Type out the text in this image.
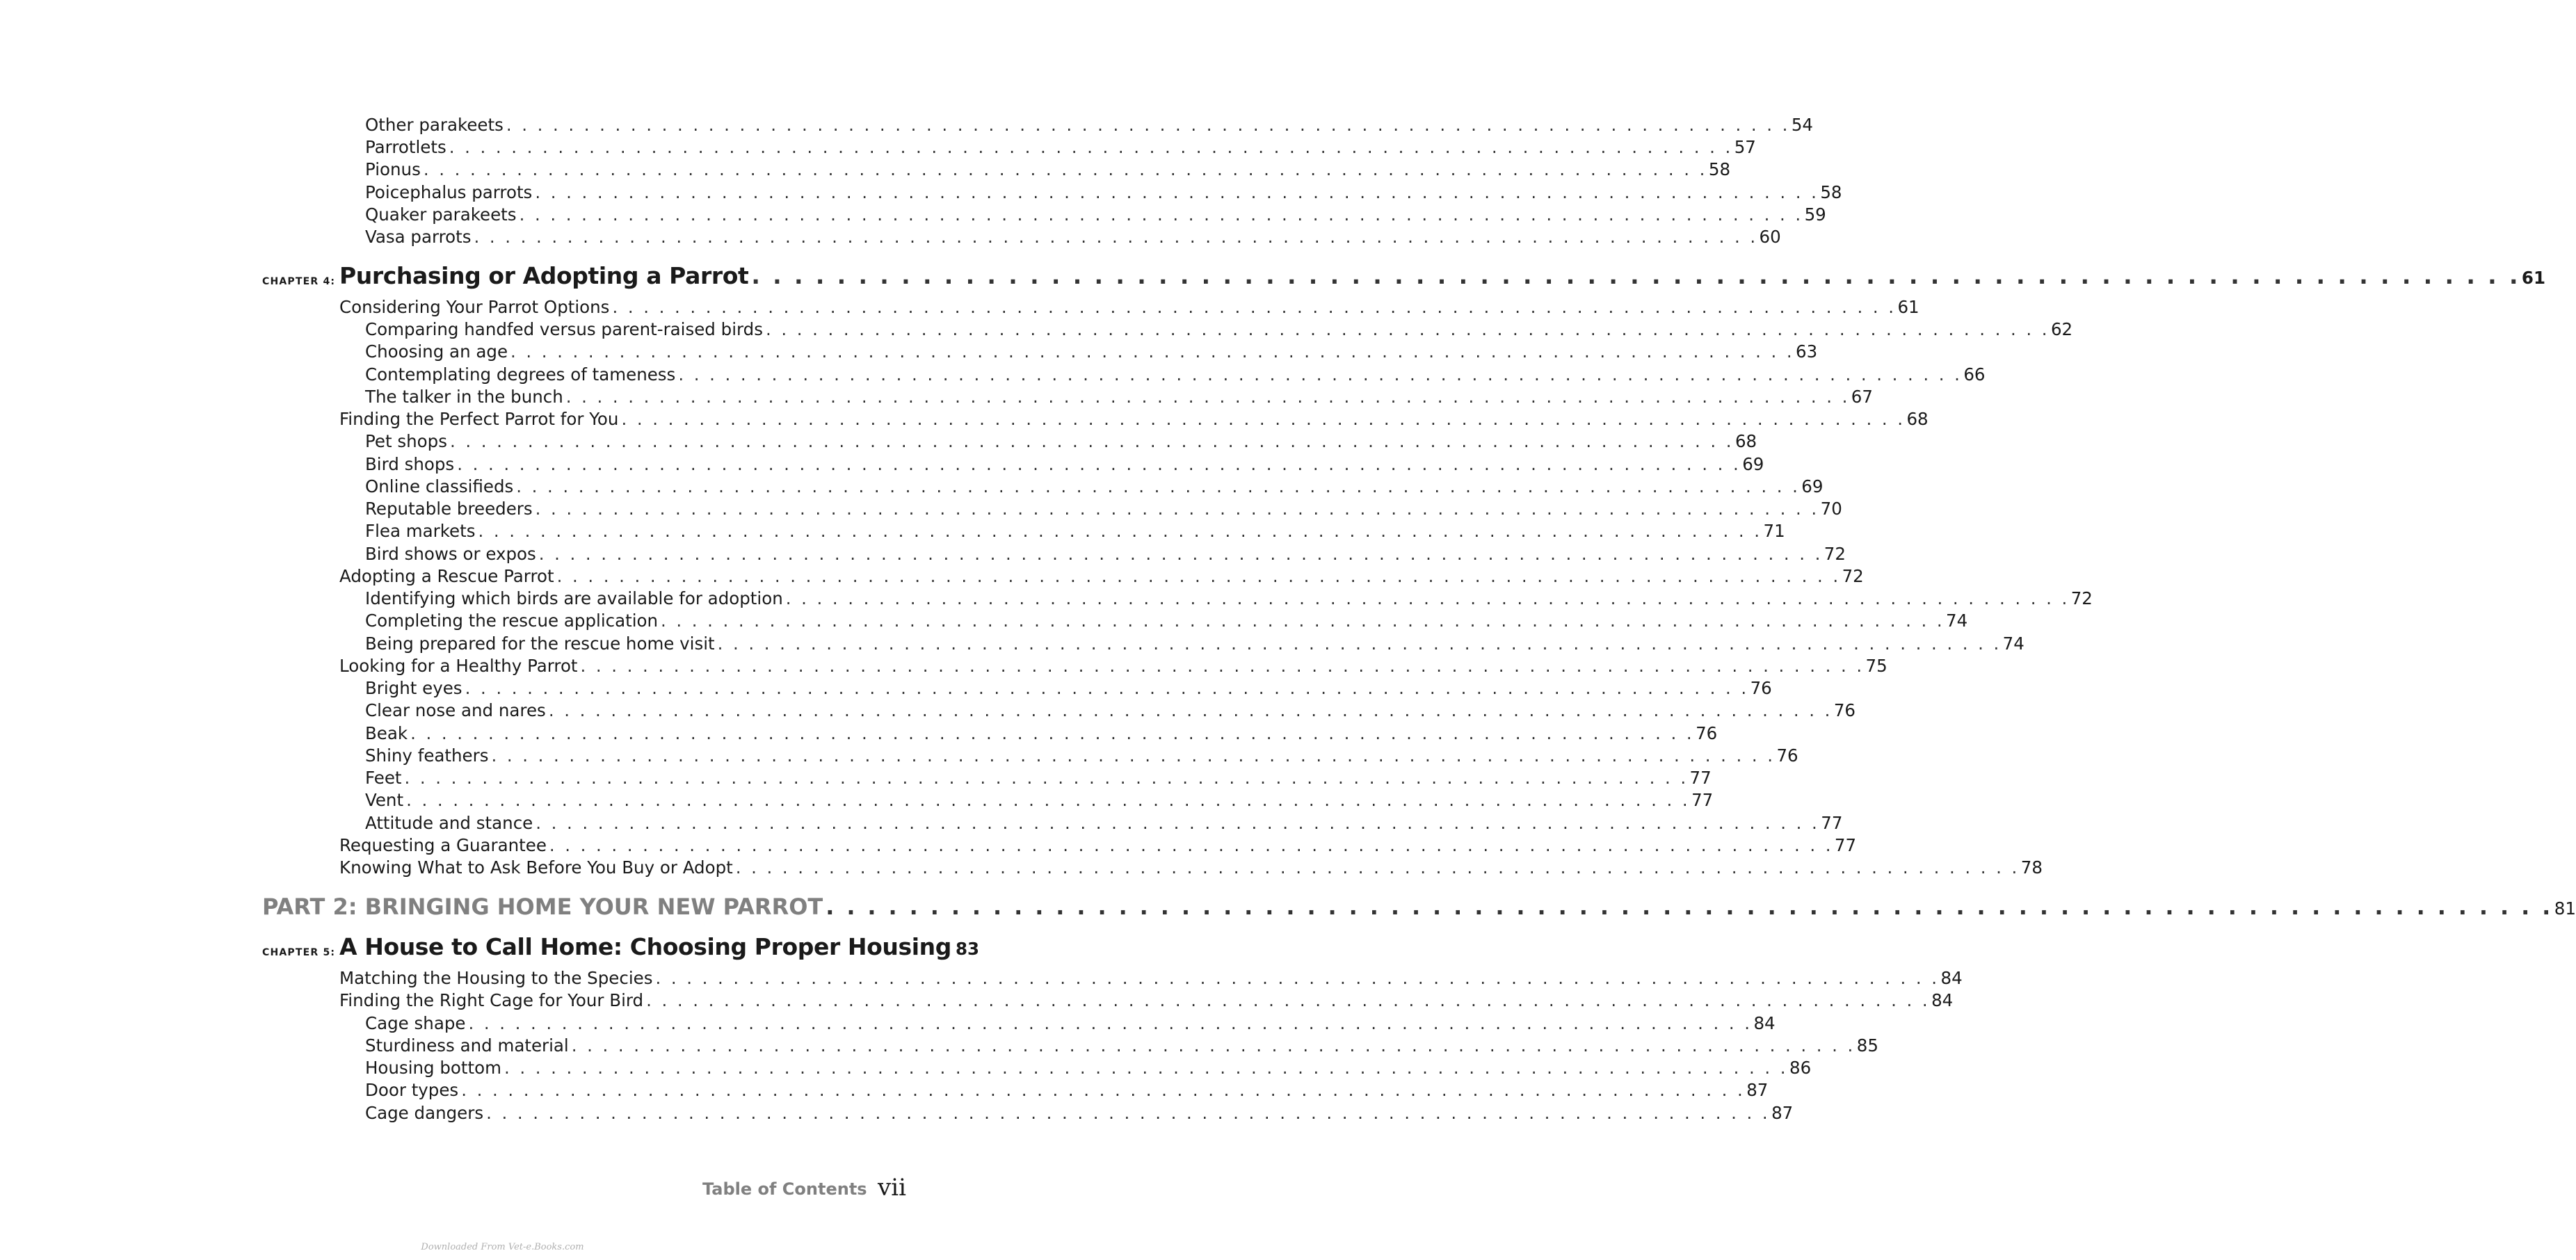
Other parakeets . . . . . . . . . . . . . . . . . . . . . . . . . . . . . . . . . . . . . . . . . . . . . . . . . . . . . . . . . . . . . . . . . . . . . . . . . . . . . . . . . . . 54
Parrotlets . . . . . . . . . . . . . . . . . . . . . . . . . . . . . . . . . . . . . . . . . . . . . . . . . . . . . . . . . . . . . . . . . . . . . . . . . . . . . . . . . . . 57
Pionus . . . . . . . . . . . . . . . . . . . . . . . . . . . . . . . . . . . . . . . . . . . . . . . . . . . . . . . . . . . . . . . . . . . . . . . . . . . . . . . . . . . 58
Poicephalus parrots . . . . . . . . . . . . . . . . . . . . . . . . . . . . . . . . . . . . . . . . . . . . . . . . . . . . . . . . . . . . . . . . . . . . . . . . . . . . . . . . . . . 58
Quaker parakeets . . . . . . . . . . . . . . . . . . . . . . . . . . . . . . . . . . . . . . . . . . . . . . . . . . . . . . . . . . . . . . . . . . . . . . . . . . . . . . . . . . . 59
Vasa parrots . . . . . . . . . . . . . . . . . . . . . . . . . . . . . . . . . . . . . . . . . . . . . . . . . . . . . . . . . . . . . . . . . . . . . . . . . . . . . . . . . . . 60
Purchasing or Adopting a Parrot . . . . . . . . . . . . . . . . . . . . . . . . . . . . . . . . . . . . . . . . . . . . . . . . . . . . . . . . . . . . . . . . . . . . . . . . . . . . . . . . . . . 61
CHAPTER 4:
Considering Your Parrot Options . . . . . . . . . . . . . . . . . . . . . . . . . . . . . . . . . . . . . . . . . . . . . . . . . . . . . . . . . . . . . . . . . . . . . . . . . . . . . . . . . . . 61
Comparing handfed versus parent-raised birds . . . . . . . . . . . . . . . . . . . . . . . . . . . . . . . . . . . . . . . . . . . . . . . . . . . . . . . . . . . . . . . . . . . . . . . . . . . . . . . . . . . 62
Choosing an age . . . . . . . . . . . . . . . . . . . . . . . . . . . . . . . . . . . . . . . . . . . . . . . . . . . . . . . . . . . . . . . . . . . . . . . . . . . . . . . . . . . 63
Contemplating degrees of tameness . . . . . . . . . . . . . . . . . . . . . . . . . . . . . . . . . . . . . . . . . . . . . . . . . . . . . . . . . . . . . . . . . . . . . . . . . . . . . . . . . . . 66
The talker in the bunch . . . . . . . . . . . . . . . . . . . . . . . . . . . . . . . . . . . . . . . . . . . . . . . . . . . . . . . . . . . . . . . . . . . . . . . . . . . . . . . . . . . 67
Finding the Perfect Parrot for You . . . . . . . . . . . . . . . . . . . . . . . . . . . . . . . . . . . . . . . . . . . . . . . . . . . . . . . . . . . . . . . . . . . . . . . . . . . . . . . . . . . 68
Pet shops . . . . . . . . . . . . . . . . . . . . . . . . . . . . . . . . . . . . . . . . . . . . . . . . . . . . . . . . . . . . . . . . . . . . . . . . . . . . . . . . . . . 68
Bird shops . . . . . . . . . . . . . . . . . . . . . . . . . . . . . . . . . . . . . . . . . . . . . . . . . . . . . . . . . . . . . . . . . . . . . . . . . . . . . . . . . . . 69
Online classifieds . . . . . . . . . . . . . . . . . . . . . . . . . . . . . . . . . . . . . . . . . . . . . . . . . . . . . . . . . . . . . . . . . . . . . . . . . . . . . . . . . . . 69
Reputable breeders . . . . . . . . . . . . . . . . . . . . . . . . . . . . . . . . . . . . . . . . . . . . . . . . . . . . . . . . . . . . . . . . . . . . . . . . . . . . . . . . . . . 70
Flea markets . . . . . . . . . . . . . . . . . . . . . . . . . . . . . . . . . . . . . . . . . . . . . . . . . . . . . . . . . . . . . . . . . . . . . . . . . . . . . . . . . . . 71
Bird shows or expos . . . . . . . . . . . . . . . . . . . . . . . . . . . . . . . . . . . . . . . . . . . . . . . . . . . . . . . . . . . . . . . . . . . . . . . . . . . . . . . . . . . 72
Adopting a Rescue Parrot . . . . . . . . . . . . . . . . . . . . . . . . . . . . . . . . . . . . . . . . . . . . . . . . . . . . . . . . . . . . . . . . . . . . . . . . . . . . . . . . . . . 72
Identifying which birds are available for adoption . . . . . . . . . . . . . . . . . . . . . . . . . . . . . . . . . . . . . . . . . . . . . . . . . . . . . . . . . . . . . . . . . . . . . . . . . . . . . . . . . . . 72
Completing the rescue application . . . . . . . . . . . . . . . . . . . . . . . . . . . . . . . . . . . . . . . . . . . . . . . . . . . . . . . . . . . . . . . . . . . . . . . . . . . . . . . . . . . 74
Being prepared for the rescue home visit . . . . . . . . . . . . . . . . . . . . . . . . . . . . . . . . . . . . . . . . . . . . . . . . . . . . . . . . . . . . . . . . . . . . . . . . . . . . . . . . . . . 74
Looking for a Healthy Parrot . . . . . . . . . . . . . . . . . . . . . . . . . . . . . . . . . . . . . . . . . . . . . . . . . . . . . . . . . . . . . . . . . . . . . . . . . . . . . . . . . . . 75
Bright eyes . . . . . . . . . . . . . . . . . . . . . . . . . . . . . . . . . . . . . . . . . . . . . . . . . . . . . . . . . . . . . . . . . . . . . . . . . . . . . . . . . . . 76
Clear nose and nares . . . . . . . . . . . . . . . . . . . . . . . . . . . . . . . . . . . . . . . . . . . . . . . . . . . . . . . . . . . . . . . . . . . . . . . . . . . . . . . . . . . 76
Beak . . . . . . . . . . . . . . . . . . . . . . . . . . . . . . . . . . . . . . . . . . . . . . . . . . . . . . . . . . . . . . . . . . . . . . . . . . . . . . . . . . . 76
Shiny feathers . . . . . . . . . . . . . . . . . . . . . . . . . . . . . . . . . . . . . . . . . . . . . . . . . . . . . . . . . . . . . . . . . . . . . . . . . . . . . . . . . . . 76
Feet . . . . . . . . . . . . . . . . . . . . . . . . . . . . . . . . . . . . . . . . . . . . . . . . . . . . . . . . . . . . . . . . . . . . . . . . . . . . . . . . . . . 77
Vent . . . . . . . . . . . . . . . . . . . . . . . . . . . . . . . . . . . . . . . . . . . . . . . . . . . . . . . . . . . . . . . . . . . . . . . . . . . . . . . . . . . 77
Attitude and stance . . . . . . . . . . . . . . . . . . . . . . . . . . . . . . . . . . . . . . . . . . . . . . . . . . . . . . . . . . . . . . . . . . . . . . . . . . . . . . . . . . . 77
Requesting a Guarantee . . . . . . . . . . . . . . . . . . . . . . . . . . . . . . . . . . . . . . . . . . . . . . . . . . . . . . . . . . . . . . . . . . . . . . . . . . . . . . . . . . . 77
Knowing What to Ask Before You Buy or Adopt . . . . . . . . . . . . . . . . . . . . . . . . . . . . . . . . . . . . . . . . . . . . . . . . . . . . . . . . . . . . . . . . . . . . . . . . . . . . . . . . . . . 78
PART 2: BRINGING HOME YOUR NEW PARROT . . . . . . . . . . . . . . . . . . . . . . . . . . . . . . . . . . . . . . . . . . . . . . . . . . . . . . . . . . . . . . . . . . . . . . . . . . . . . . . . . . . 81
A House to Call Home: Choosing Proper Housing 83
CHAPTER 5:
Matching the Housing to the Species . . . . . . . . . . . . . . . . . . . . . . . . . . . . . . . . . . . . . . . . . . . . . . . . . . . . . . . . . . . . . . . . . . . . . . . . . . . . . . . . . . . 84
Finding the Right Cage for Your Bird . . . . . . . . . . . . . . . . . . . . . . . . . . . . . . . . . . . . . . . . . . . . . . . . . . . . . . . . . . . . . . . . . . . . . . . . . . . . . . . . . . . 84
Cage shape . . . . . . . . . . . . . . . . . . . . . . . . . . . . . . . . . . . . . . . . . . . . . . . . . . . . . . . . . . . . . . . . . . . . . . . . . . . . . . . . . . . 84
Sturdiness and material . . . . . . . . . . . . . . . . . . . . . . . . . . . . . . . . . . . . . . . . . . . . . . . . . . . . . . . . . . . . . . . . . . . . . . . . . . . . . . . . . . . 85
Housing bottom . . . . . . . . . . . . . . . . . . . . . . . . . . . . . . . . . . . . . . . . . . . . . . . . . . . . . . . . . . . . . . . . . . . . . . . . . . . . . . . . . . . 86
Door types . . . . . . . . . . . . . . . . . . . . . . . . . . . . . . . . . . . . . . . . . . . . . . . . . . . . . . . . . . . . . . . . . . . . . . . . . . . . . . . . . . . 87
Cage dangers . . . . . . . . . . . . . . . . . . . . . . . . . . . . . . . . . . . . . . . . . . . . . . . . . . . . . . . . . . . . . . . . . . . . . . . . . . . . . . . . . . . 87
Table of Contents vii
Downloaded From Vet-e.Books.com
